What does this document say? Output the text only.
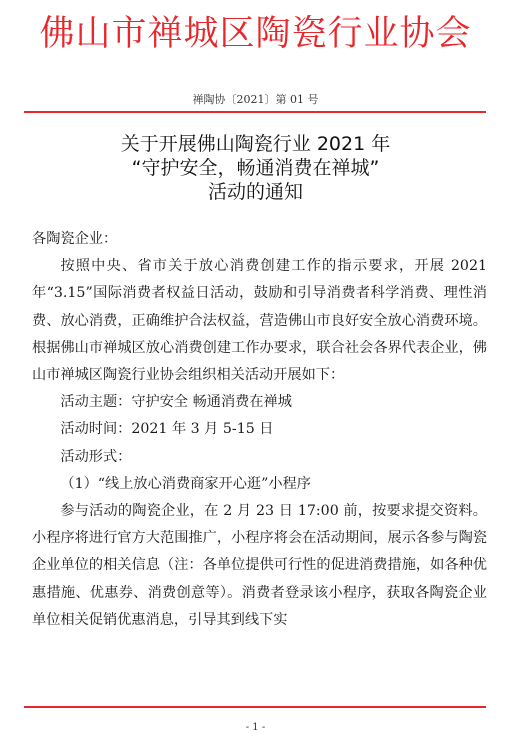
佛山市禅城区陶瓷行业协会
禅陶协〔2021〕第 01 号
关于开展佛山陶瓷行业 2021 年
“守护安全，畅通消费在禅城”
活动的通知

各陶瓷企业：

按照中央、省市关于放心消费创建工作的指示要求，开展 2021 年“3.15”国际消费者权益日活动，鼓励和引导消费者科学消费、理性消费、放心消费，正确维护合法权益，营造佛山市良好安全放心消费环境。根据佛山市禅城区放心消费创建工作办要求，联合社会各界代表企业，佛山市禅城区陶瓷行业协会组织相关活动开展如下：

活动主题：守护安全 畅通消费在禅城

活动时间：2021 年 3 月 5-15 日

活动形式：

（1）“线上放心消费商家开心逛”小程序

参与活动的陶瓷企业，在 2 月 23 日 17:00 前，按要求提交资料。小程序将进行官方大范围推广，小程序将会在活动期间，展示各参与陶瓷企业单位的相关信息（注：各单位提供可行性的促进消费措施，如各种优惠措施、优惠券、消费创意等）。消费者登录该小程序，获取各陶瓷企业单位相关促销优惠消息，引导其到线下实

- 1 -
